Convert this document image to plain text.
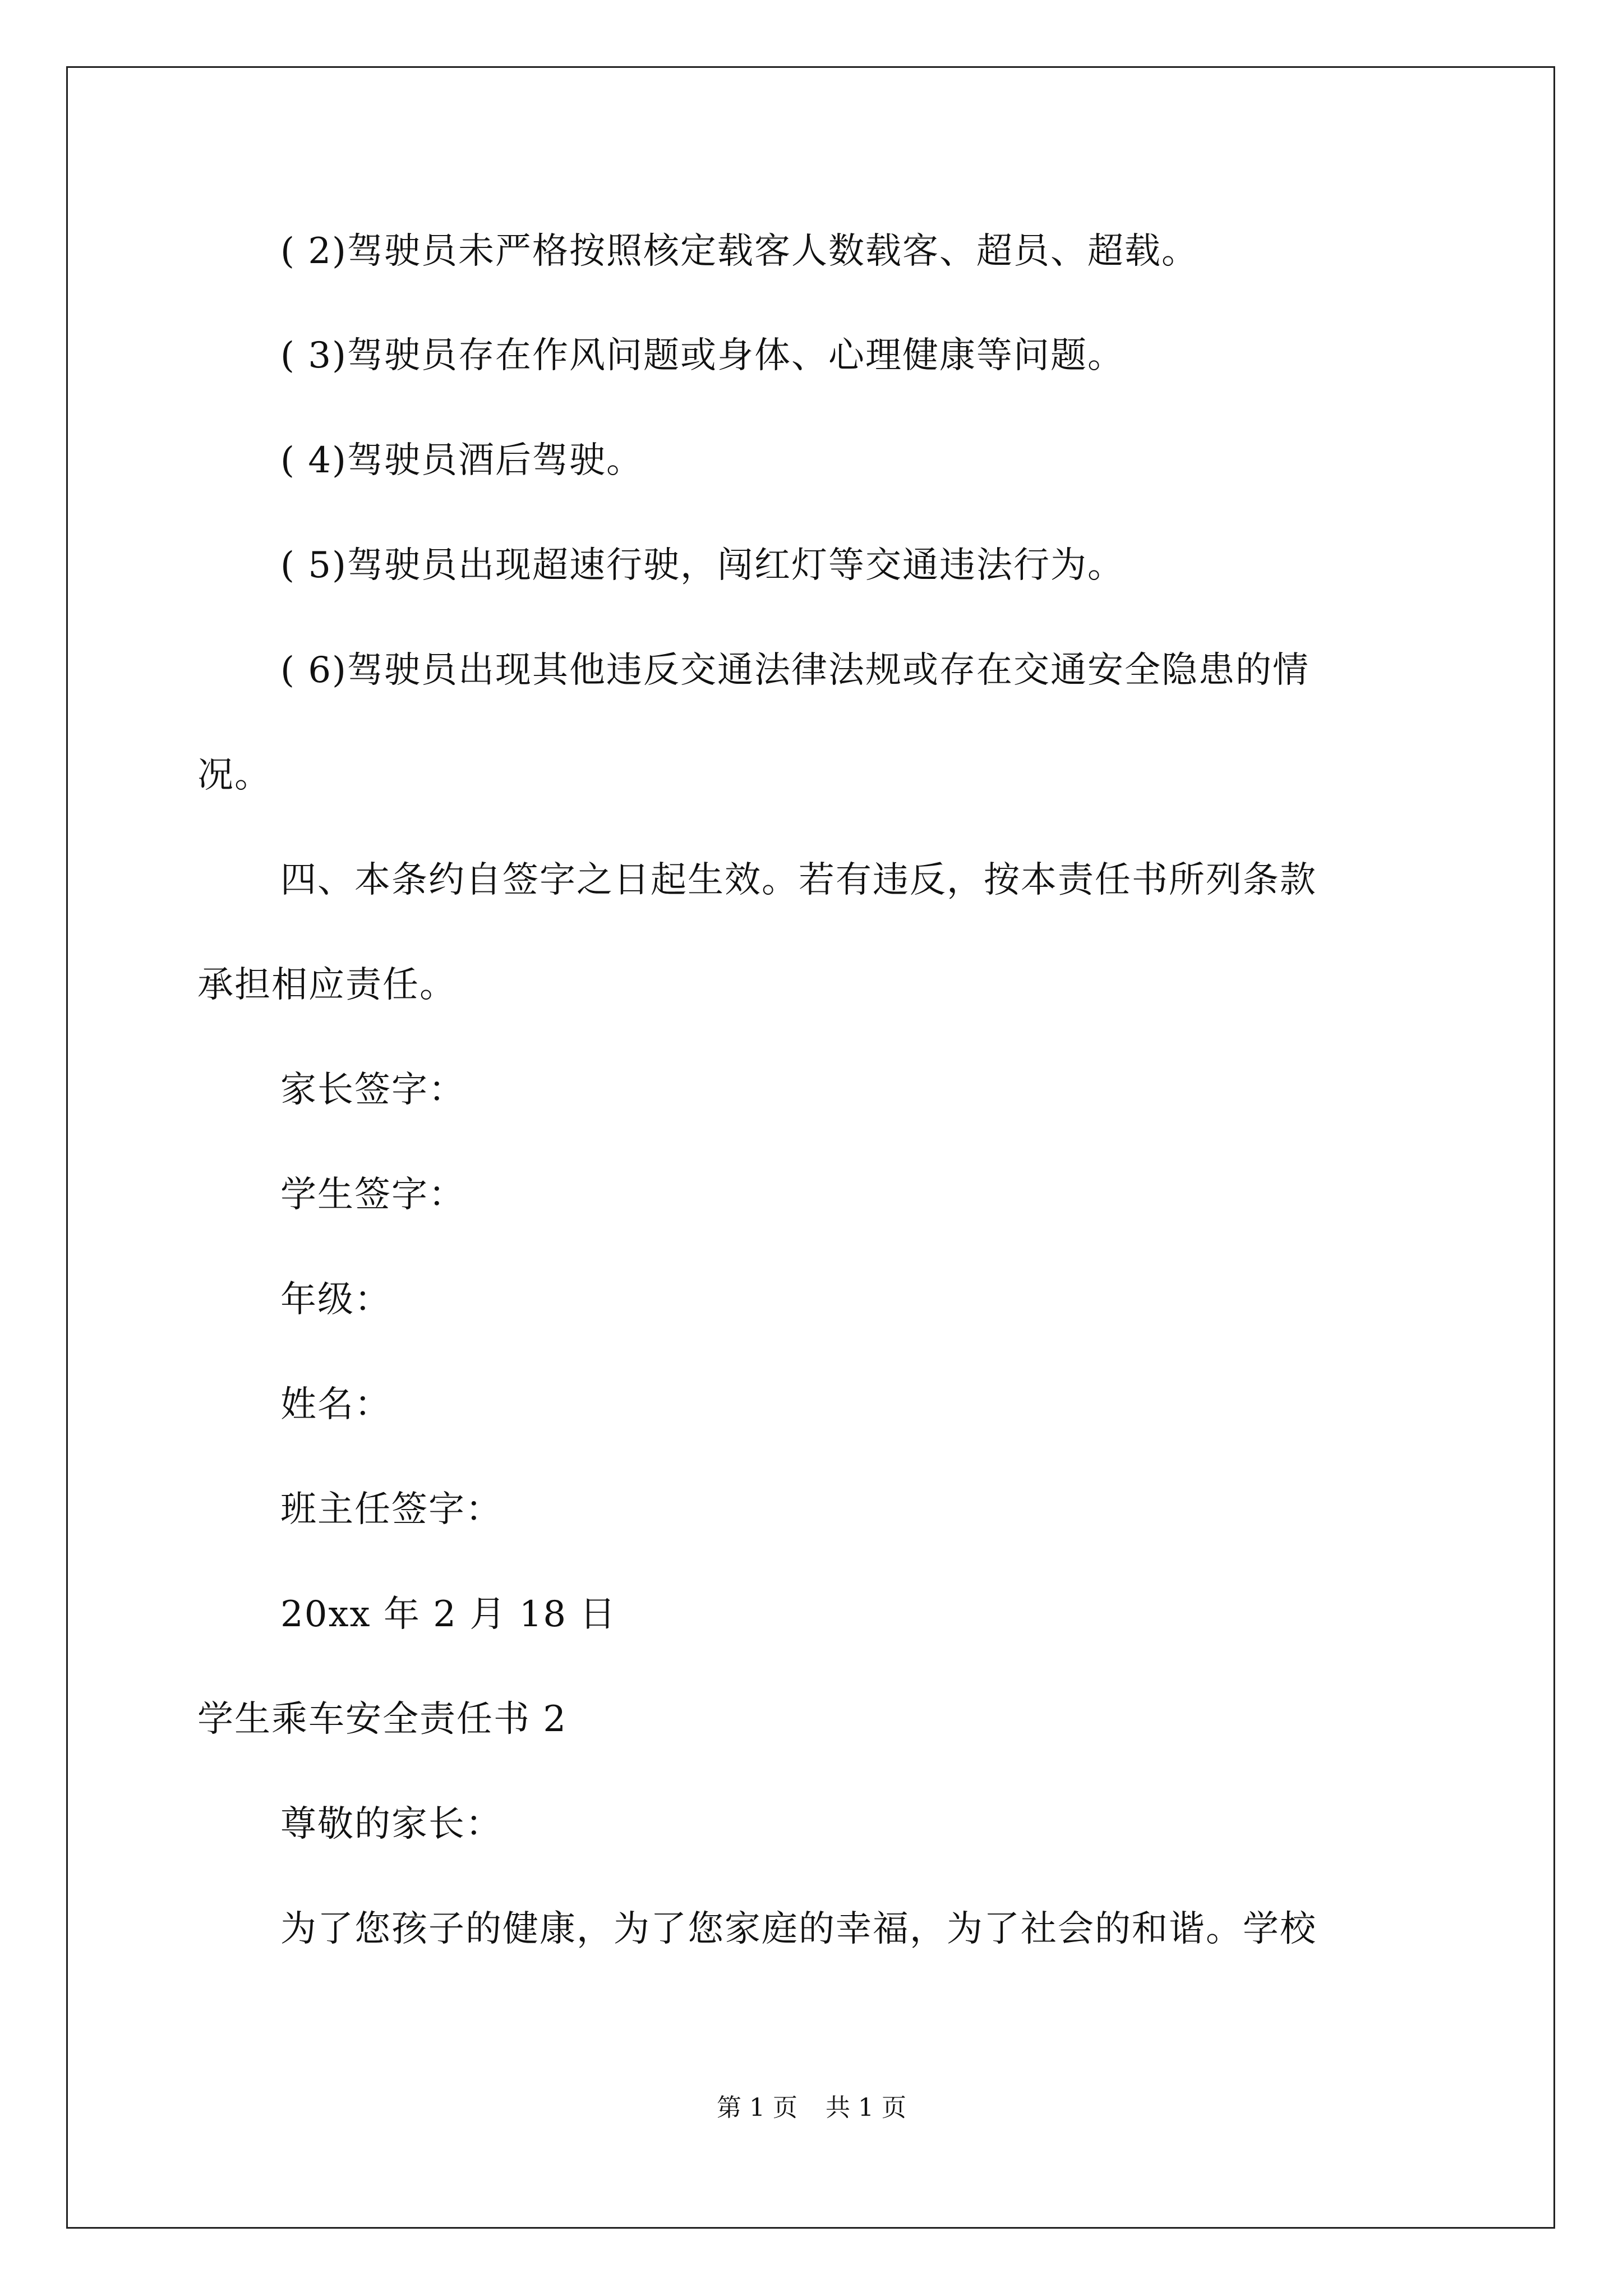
( 2)驾驶员未严格按照核定载客人数载客、超员、超载。
( 3)驾驶员存在作风问题或身体、心理健康等问题。
( 4)驾驶员酒后驾驶。
( 5)驾驶员出现超速行驶，闯红灯等交通违法行为。
( 6)驾驶员出现其他违反交通法律法规或存在交通安全隐患的情
况。
四、本条约自签字之日起生效。若有违反，按本责任书所列条款
承担相应责任。
家长签字：
学生签字：
年级：
姓名：
班主任签字：
20xx 年 2 月 18 日
学生乘车安全责任书 2
尊敬的家长：
为了您孩子的健康，为了您家庭的幸福，为了社会的和谐。学校
第 1 页 共 1 页
